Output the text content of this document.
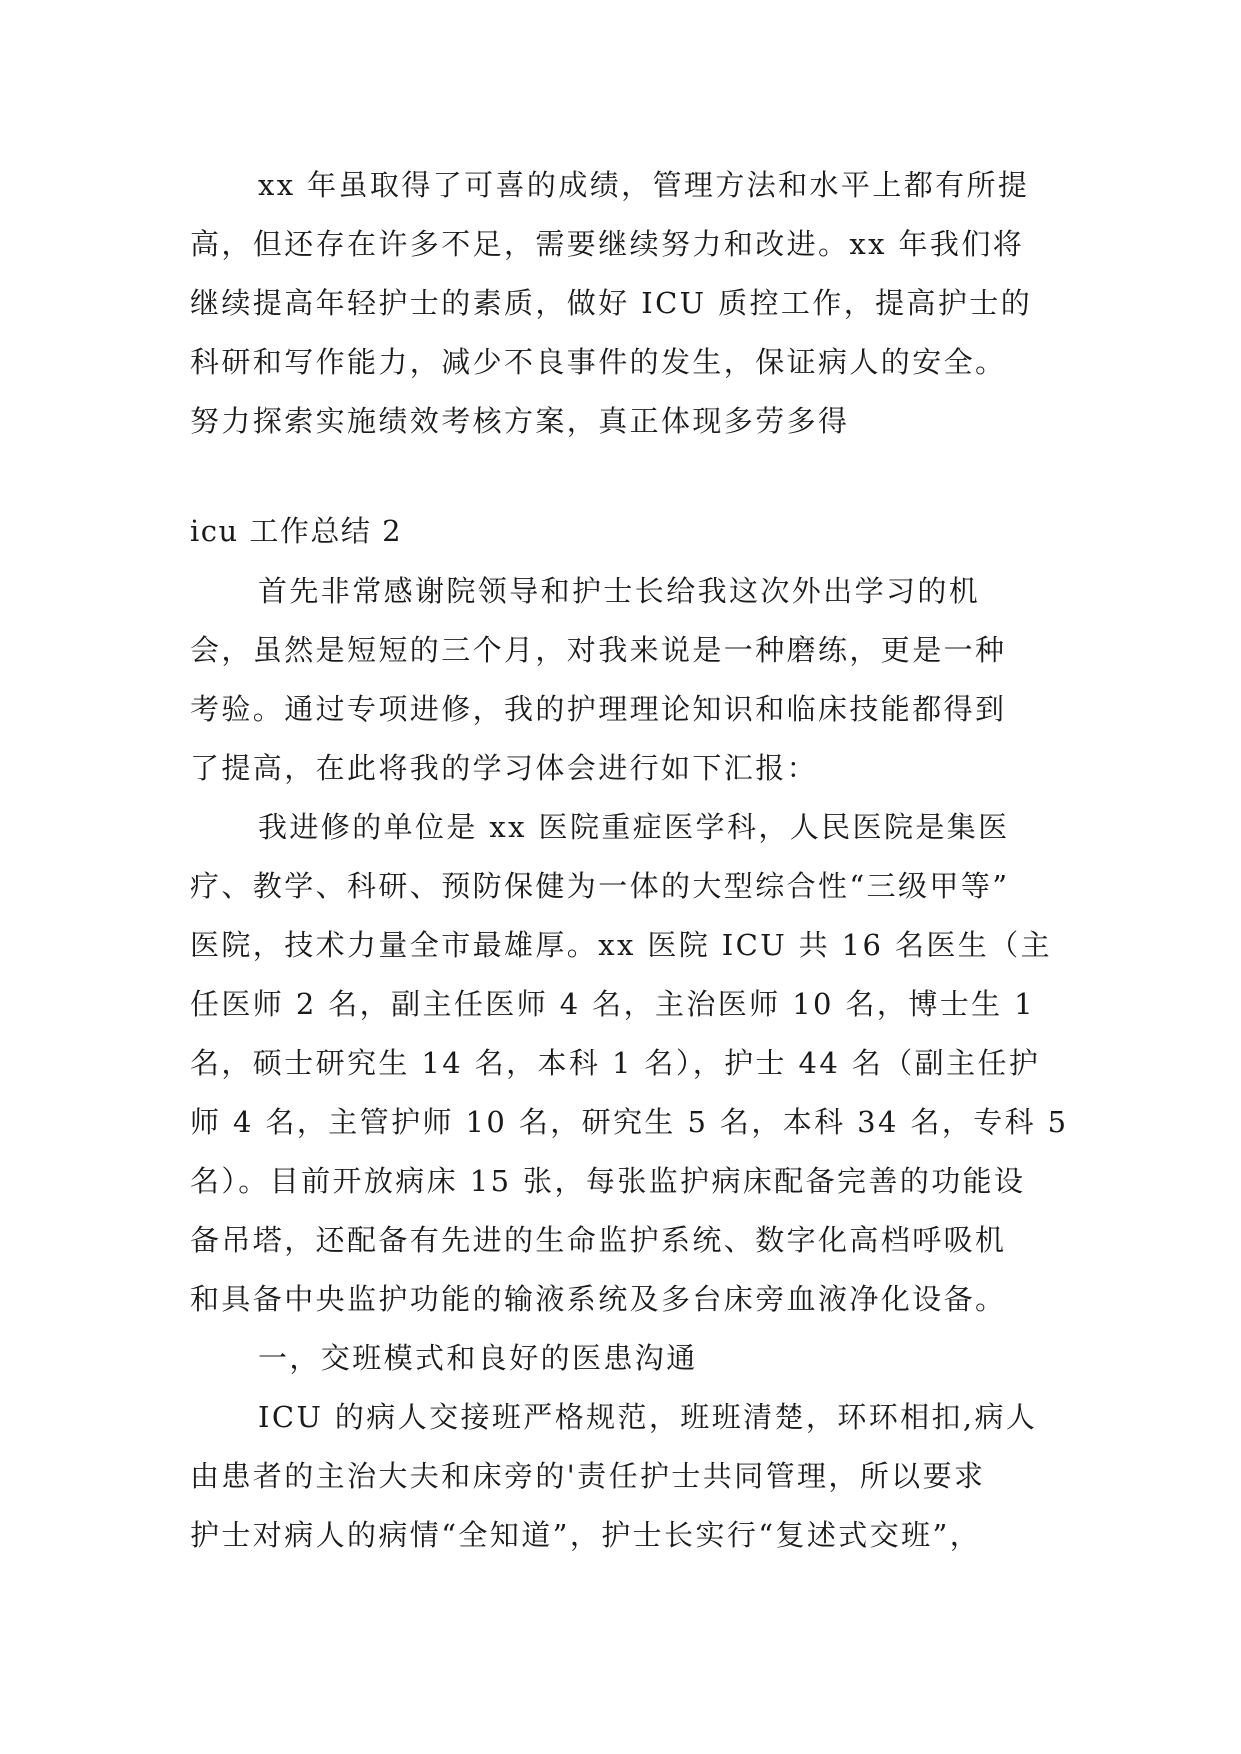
xx 年虽取得了可喜的成绩，管理方法和水平上都有所提
高，但还存在许多不足，需要继续努力和改进。xx 年我们将
继续提高年轻护士的素质，做好 ICU 质控工作，提高护士的
科研和写作能力，减少不良事件的发生，保证病人的安全。
努力探索实施绩效考核方案，真正体现多劳多得
icu 工作总结 2
首先非常感谢院领导和护士长给我这次外出学习的机
会，虽然是短短的三个月，对我来说是一种磨练，更是一种
考验。通过专项进修，我的护理理论知识和临床技能都得到
了提高，在此将我的学习体会进行如下汇报：
我进修的单位是 xx 医院重症医学科，人民医院是集医
疗、教学、科研、预防保健为一体的大型综合性“三级甲等”
医院，技术力量全市最雄厚。xx 医院 ICU 共 16 名医生（主
任医师 2 名，副主任医师 4 名，主治医师 10 名，博士生 1
名，硕士研究生 14 名，本科 1 名），护士 44 名（副主任护
师 4 名，主管护师 10 名，研究生 5 名，本科 34 名，专科 5
名）。目前开放病床 15 张，每张监护病床配备完善的功能设
备吊塔，还配备有先进的生命监护系统、数字化高档呼吸机
和具备中央监护功能的输液系统及多台床旁血液净化设备。
一，交班模式和良好的医患沟通
ICU 的病人交接班严格规范，班班清楚，环环相扣,病人
由患者的主治大夫和床旁的'责任护士共同管理，所以要求
护士对病人的病情“全知道”，护士长实行“复述式交班”，
